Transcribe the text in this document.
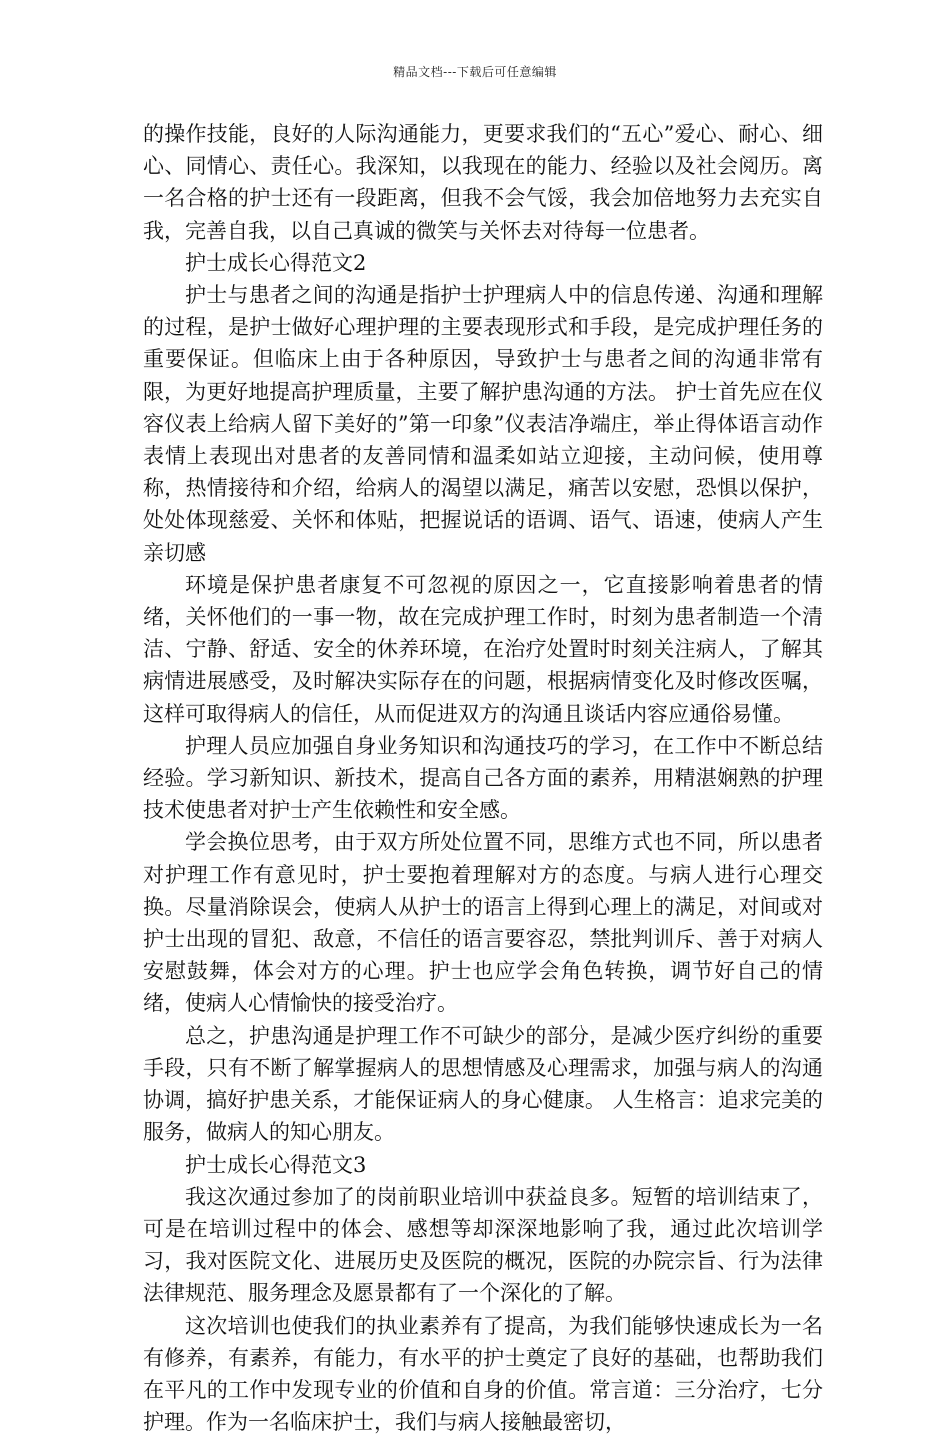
精品文档---下载后可任意编辑

的操作技能，良好的人际沟通能力，更要求我们的“五心”爱心、耐心、细心、同情心、责任心。我深知，以我现在的能力、经验以及社会阅历。离一名合格的护士还有一段距离，但我不会气馁，我会加倍地努力去充实自我，完善自我，以自己真诚的微笑与关怀去对待每一位患者。

护士成长心得范文2

护士与患者之间的沟通是指护士护理病人中的信息传递、沟通和理解的过程，是护士做好心理护理的主要表现形式和手段，是完成护理任务的重要保证。但临床上由于各种原因，导致护士与患者之间的沟通非常有限，为更好地提高护理质量，主要了解护患沟通的方法。 护士首先应在仪容仪表上给病人留下美好的”第一印象”仪表洁净端庄，举止得体语言动作表情上表现出对患者的友善同情和温柔如站立迎接，主动问候，使用尊称，热情接待和介绍，给病人的渴望以满足，痛苦以安慰，恐惧以保护，处处体现慈爱、关怀和体贴，把握说话的语调、语气、语速，使病人产生亲切感

环境是保护患者康复不可忽视的原因之一，它直接影响着患者的情绪，关怀他们的一事一物，故在完成护理工作时，时刻为患者制造一个清洁、宁静、舒适、安全的休养环境，在治疗处置时时刻关注病人，了解其病情进展感受，及时解决实际存在的问题，根据病情变化及时修改医嘱，这样可取得病人的信任，从而促进双方的沟通且谈话内容应通俗易懂。

护理人员应加强自身业务知识和沟通技巧的学习，在工作中不断总结经验。学习新知识、新技术，提高自己各方面的素养，用精湛娴熟的护理技术使患者对护士产生依赖性和安全感。

学会换位思考，由于双方所处位置不同，思维方式也不同，所以患者对护理工作有意见时，护士要抱着理解对方的态度。与病人进行心理交换。尽量消除误会，使病人从护士的语言上得到心理上的满足，对间或对护士出现的冒犯、敌意，不信任的语言要容忍，禁批判训斥、善于对病人安慰鼓舞，体会对方的心理。护士也应学会角色转换，调节好自己的情绪，使病人心情愉快的接受治疗。

总之，护患沟通是护理工作不可缺少的部分，是减少医疗纠纷的重要手段，只有不断了解掌握病人的思想情感及心理需求，加强与病人的沟通协调，搞好护患关系，才能保证病人的身心健康。 人生格言：追求完美的服务，做病人的知心朋友。

护士成长心得范文3

我这次通过参加了的岗前职业培训中获益良多。短暂的培训结束了，可是在培训过程中的体会、感想等却深深地影响了我，通过此次培训学习，我对医院文化、进展历史及医院的概况，医院的办院宗旨、行为法律法律规范、服务理念及愿景都有了一个深化的了解。

这次培训也使我们的执业素养有了提高，为我们能够快速成长为一名有修养，有素养，有能力，有水平的护士奠定了良好的基础，也帮助我们在平凡的工作中发现专业的价值和自身的价值。常言道：三分治疗，七分护理。作为一名临床护士，我们与病人接触最密切，
